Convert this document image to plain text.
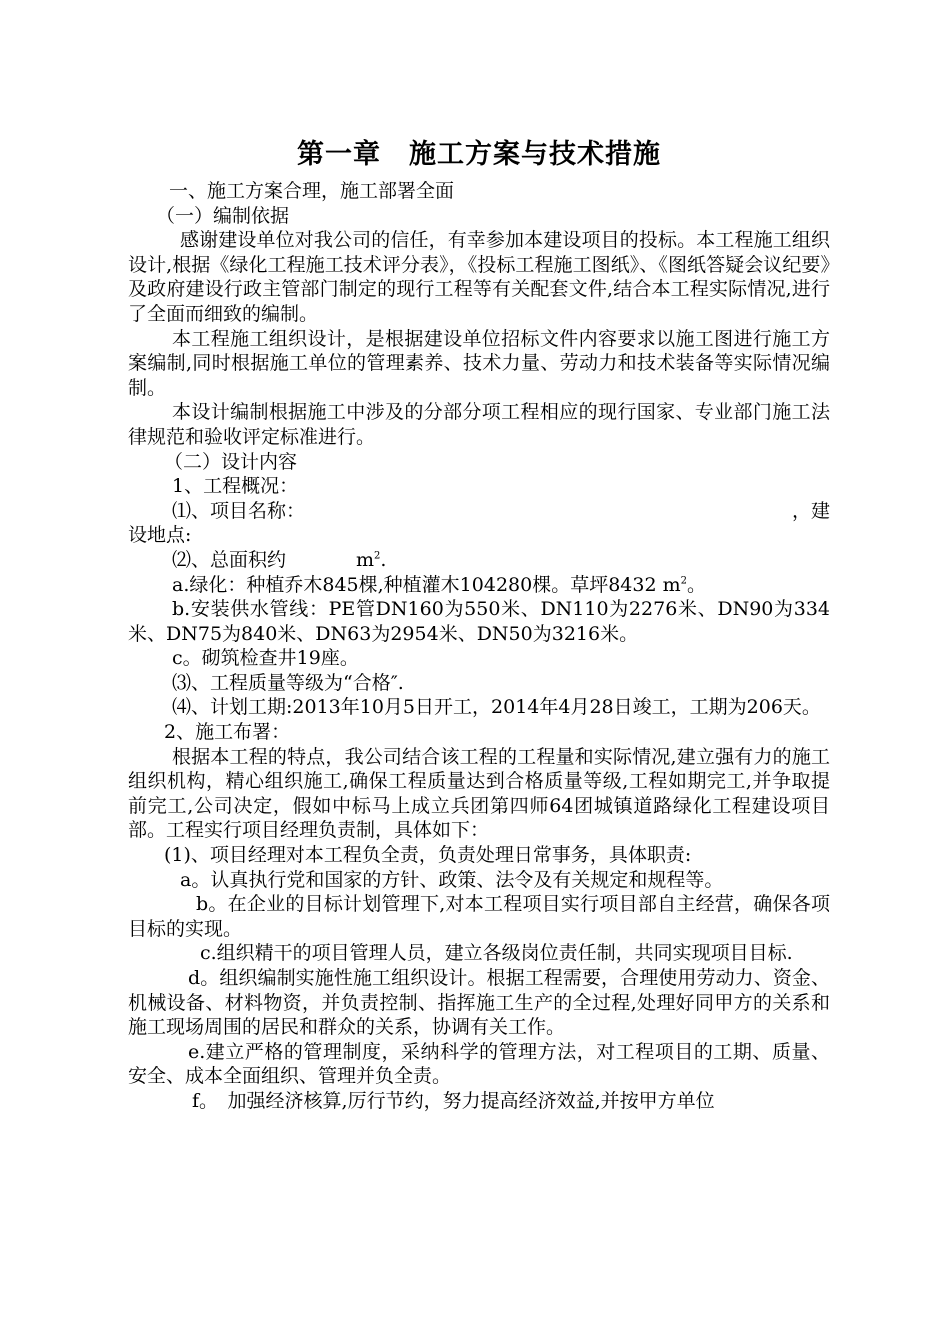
第一章　施工方案与技术措施
一、施工方案合理，施工部署全面
（一）编制依据
感谢建设单位对我公司的信任，有幸参加本建设项目的投标。本工程施工组织设计,根据《绿化工程施工技术评分表》，《投标工程施工图纸》、《图纸答疑会议纪要》及政府建设行政主管部门制定的现行工程等有关配套文件,结合本工程实际情况,进行了全面而细致的编制。
本工程施工组织设计，是根据建设单位招标文件内容要求以施工图进行施工方案编制,同时根据施工单位的管理素养、技术力量、劳动力和技术装备等实际情况编制。
本设计编制根据施工中涉及的分部分项工程相应的现行国家、专业部门施工法律规范和验收评定标准进行。
（二）设计内容
1、工程概况：
⑴、项目名称：	，建
设地点:
⑵、总面积约	$m^2$.
a.绿化：种植乔木845棵,种植灌木104280棵。草坪8432 $m^2$。
b.安装供水管线：PE管DN160为550米、DN110为2276米、DN90为334米、DN75为840米、DN63为2954米、DN50为3216米。
c。砌筑检查井19座。
⑶、工程质量等级为“合格″.
⑷、计划工期:2013年10月5日开工，2014年4月28日竣工，工期为206天。
2、施工布署：
根据本工程的特点，我公司结合该工程的工程量和实际情况,建立强有力的施工组织机构，精心组织施工,确保工程质量达到合格质量等级,工程如期完工,并争取提前完工,公司决定，假如中标马上成立兵团第四师64团城镇道路绿化工程建设项目部。工程实行项目经理负责制，具体如下：
(1)、项目经理对本工程负全责，负责处理日常事务，具体职责:
a。认真执行党和国家的方针、政策、法令及有关规定和规程等。
b。在企业的目标计划管理下,对本工程项目实行项目部自主经营，确保各项目标的实现。
c.组织精干的项目管理人员，建立各级岗位责任制，共同实现项目目标.
d。组织编制实施性施工组织设计。根据工程需要，合理使用劳动力、资金、机械设备、材料物资，并负责控制、指挥施工生产的全过程,处理好同甲方的关系和施工现场周围的居民和群众的关系，协调有关工作。
e.建立严格的管理制度，采纳科学的管理方法，对工程项目的工期、质量、安全、成本全面组织、管理并负全责。
f。　加强经济核算,厉行节约，努力提高经济效益,并按甲方单位
